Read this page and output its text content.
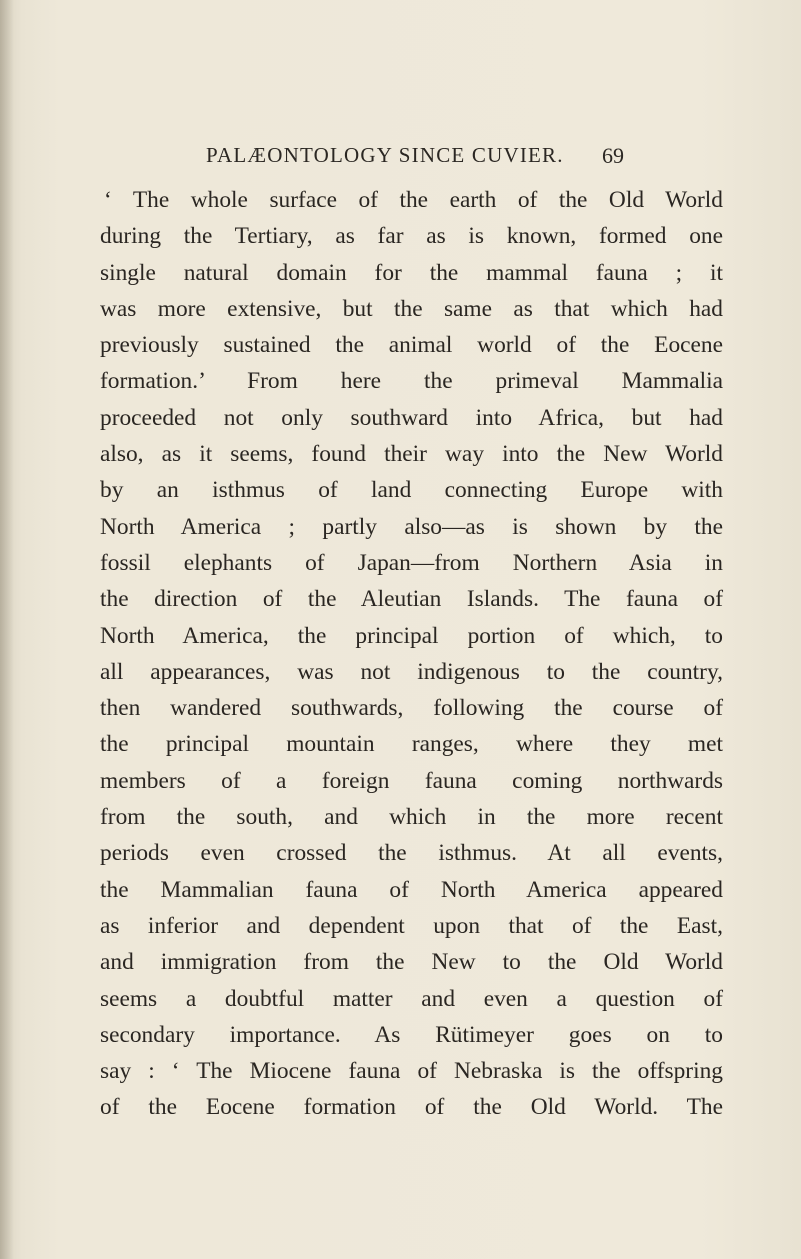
PALÆONTOLOGY SINCE CUVIER. 69
‘ The whole surface of the earth of the Old World
during the Tertiary, as far as is known, formed one
single natural domain for the mammal fauna ; it
was more extensive, but the same as that which had
previously sustained the animal world of the Eocene
formation.’ From here the primeval Mammalia
proceeded not only southward into Africa, but had
also, as it seems, found their way into the New World
by an isthmus of land connecting Europe with
North America ; partly also—as is shown by the
fossil elephants of Japan—from Northern Asia in
the direction of the Aleutian Islands. The fauna of
North America, the principal portion of which, to
all appearances, was not indigenous to the country,
then wandered southwards, following the course of
the principal mountain ranges, where they met
members of a foreign fauna coming northwards
from the south, and which in the more recent
periods even crossed the isthmus. At all events,
the Mammalian fauna of North America appeared
as inferior and dependent upon that of the East,
and immigration from the New to the Old World
seems a doubtful matter and even a question of
secondary importance. As Rütimeyer goes on to
say : ‘ The Miocene fauna of Nebraska is the offspring
of the Eocene formation of the Old World. The
